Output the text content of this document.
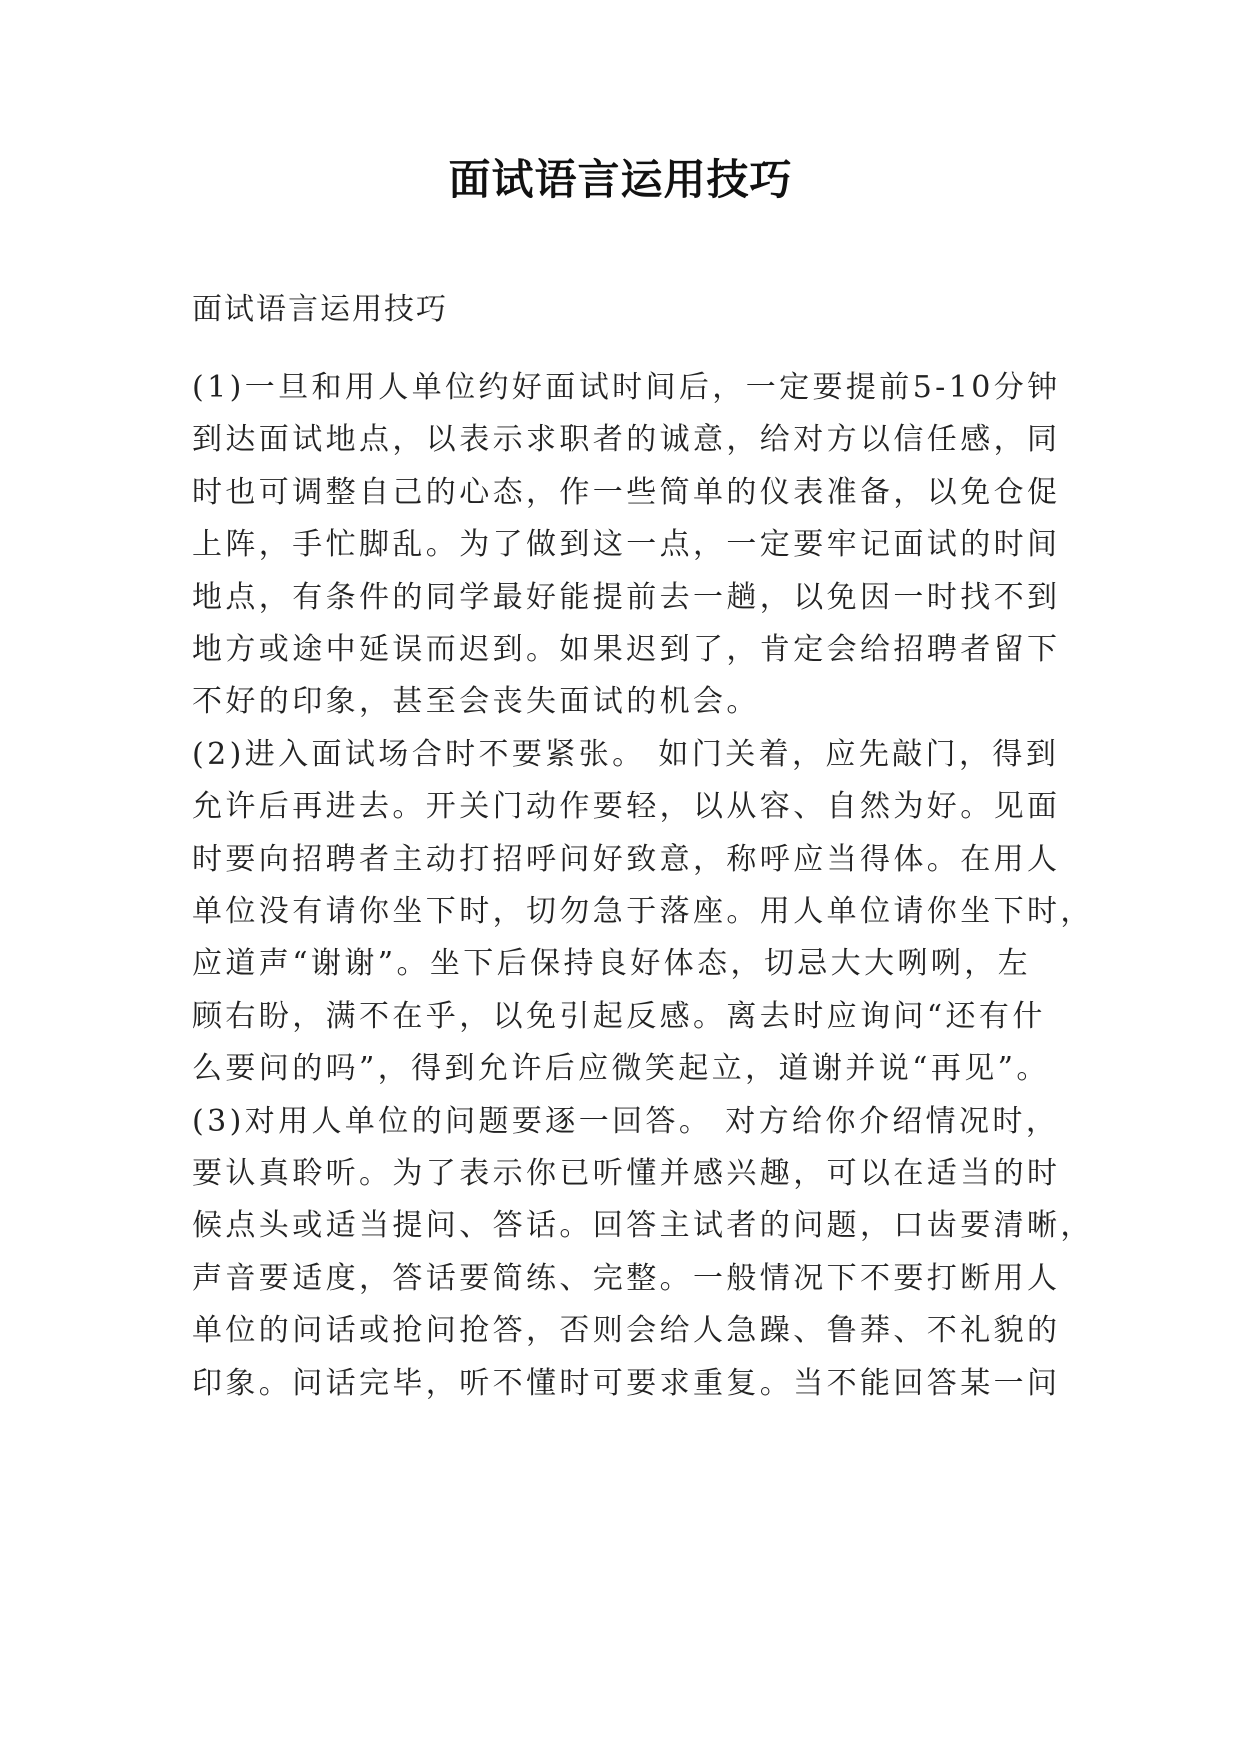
面试语言运用技巧
面试语言运用技巧
(1)一旦和用人单位约好面试时间后，一定要提前5-10分钟
到达面试地点，以表示求职者的诚意，给对方以信任感，同
时也可调整自己的心态，作一些简单的仪表准备，以免仓促
上阵，手忙脚乱。为了做到这一点，一定要牢记面试的时间
地点，有条件的同学最好能提前去一趟，以免因一时找不到
地方或途中延误而迟到。如果迟到了，肯定会给招聘者留下
不好的印象，甚至会丧失面试的机会。
(2)进入面试场合时不要紧张。 如门关着，应先敲门，得到
允许后再进去。开关门动作要轻，以从容、自然为好。见面
时要向招聘者主动打招呼问好致意，称呼应当得体。在用人
单位没有请你坐下时，切勿急于落座。用人单位请你坐下时，
应道声“谢谢”。坐下后保持良好体态，切忌大大咧咧，左
顾右盼，满不在乎，以免引起反感。离去时应询问“还有什
么要问的吗”，得到允许后应微笑起立，道谢并说“再见”。
(3)对用人单位的问题要逐一回答。 对方给你介绍情况时，
要认真聆听。为了表示你已听懂并感兴趣，可以在适当的时
候点头或适当提问、答话。回答主试者的问题，口齿要清晰，
声音要适度，答话要简练、完整。一般情况下不要打断用人
单位的问话或抢问抢答，否则会给人急躁、鲁莽、不礼貌的
印象。问话完毕，听不懂时可要求重复。当不能回答某一问
